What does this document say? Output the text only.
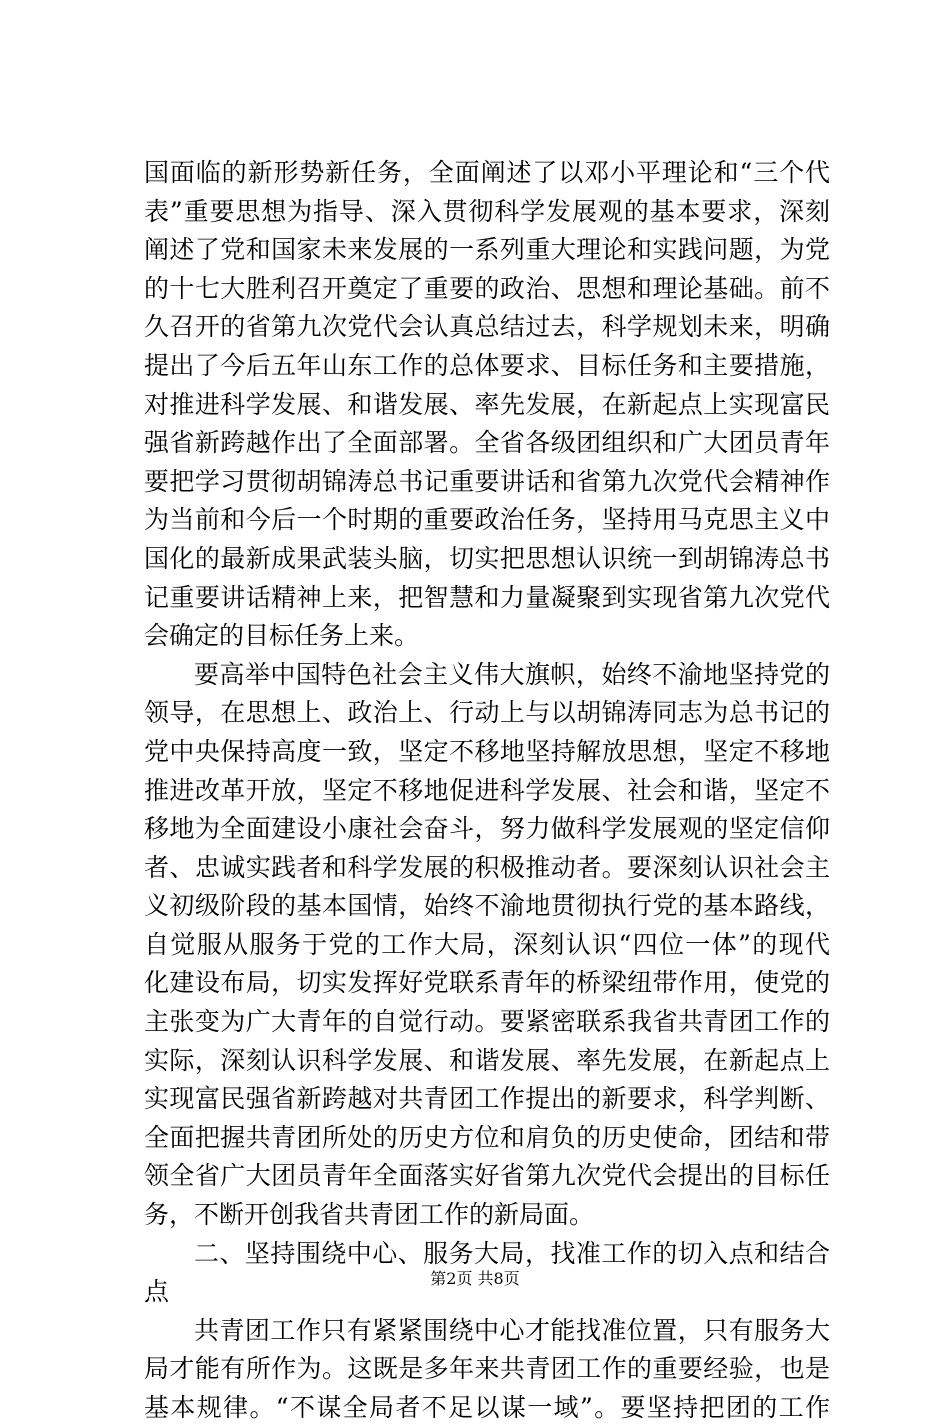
国面临的新形势新任务，全面阐述了以邓小平理论和“三个代
表”重要思想为指导、深入贯彻科学发展观的基本要求，深刻
阐述了党和国家未来发展的一系列重大理论和实践问题，为党
的十七大胜利召开奠定了重要的政治、思想和理论基础。前不
久召开的省第九次党代会认真总结过去，科学规划未来，明确
提出了今后五年山东工作的总体要求、目标任务和主要措施，
对推进科学发展、和谐发展、率先发展，在新起点上实现富民
强省新跨越作出了全面部署。全省各级团组织和广大团员青年
要把学习贯彻胡锦涛总书记重要讲话和省第九次党代会精神作
为当前和今后一个时期的重要政治任务，坚持用马克思主义中
国化的最新成果武装头脑，切实把思想认识统一到胡锦涛总书
记重要讲话精神上来，把智慧和力量凝聚到实现省第九次党代
会确定的目标任务上来。
要高举中国特色社会主义伟大旗帜，始终不渝地坚持党的
领导，在思想上、政治上、行动上与以胡锦涛同志为总书记的
党中央保持高度一致，坚定不移地坚持解放思想，坚定不移地
推进改革开放，坚定不移地促进科学发展、社会和谐，坚定不
移地为全面建设小康社会奋斗，努力做科学发展观的坚定信仰
者、忠诚实践者和科学发展的积极推动者。要深刻认识社会主
义初级阶段的基本国情，始终不渝地贯彻执行党的基本路线，
自觉服从服务于党的工作大局，深刻认识“四位一体”的现代
化建设布局，切实发挥好党联系青年的桥梁纽带作用，使党的
主张变为广大青年的自觉行动。要紧密联系我省共青团工作的
实际，深刻认识科学发展、和谐发展、率先发展，在新起点上
实现富民强省新跨越对共青团工作提出的新要求，科学判断、
全面把握共青团所处的历史方位和肩负的历史使命，团结和带
领全省广大团员青年全面落实好省第九次党代会提出的目标任
务，不断开创我省共青团工作的新局面。
二、坚持围绕中心、服务大局，找准工作的切入点和结合
点
共青团工作只有紧紧围绕中心才能找准位置，只有服务大
局才能有所作为。这既是多年来共青团工作的重要经验，也是
基本规律。“不谋全局者不足以谋一域”。要坚持把团的工作
第2页 共8页
